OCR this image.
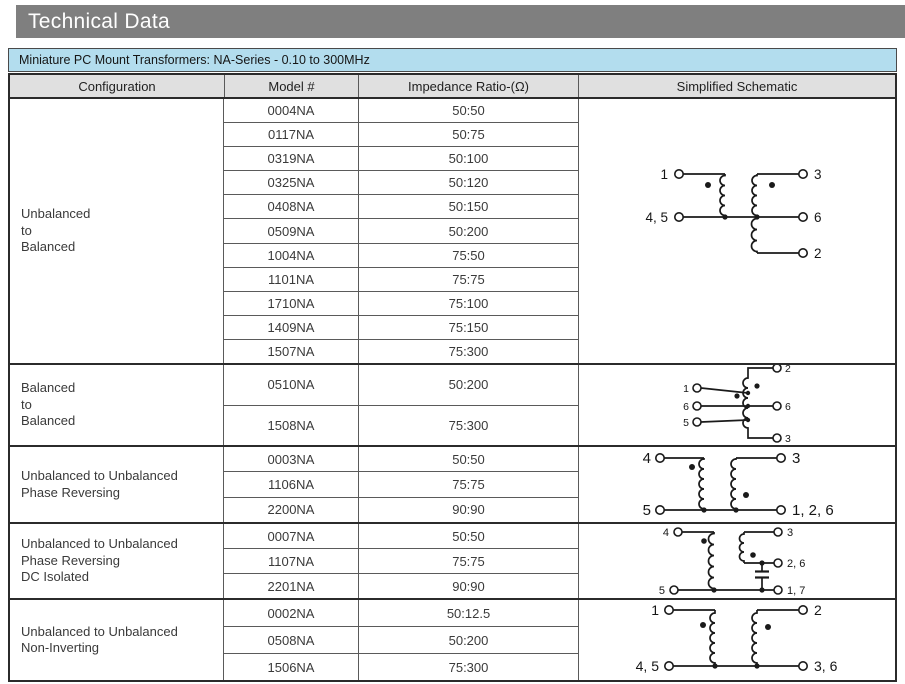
Technical Data
Miniature PC Mount Transformers: NA-Series - 0.10 to 300MHz
Configuration	Model #	Impedance Ratio-(Ω)	Simplified Schematic
Unbalanced
to
Balanced
0004NA	50:50
0117NA	50:75
0319NA	50:100
0325NA	50:120
0408NA	50:150
0509NA	50:200
1004NA	75:50
1101NA	75:75
1710NA	75:100
1409NA	75:150
1507NA	75:300
1
4, 5
3
6
2
Balanced
to
Balanced
0510NA	50:200
1508NA	75:300
1
6
5
2
6
3
Unbalanced to Unbalanced
Phase Reversing
0003NA	50:50
1106NA	75:75
2200NA	90:90
4
5
3
1, 2, 6
Unbalanced to Unbalanced
Phase Reversing
DC Isolated
0007NA	50:50
1107NA	75:75
2201NA	90:90
4
5
3
2, 6
1, 7
Unbalanced to Unbalanced
Non-Inverting
0002NA	50:12.5
0508NA	50:200
1506NA	75:300
1
4, 5
2
3, 6
